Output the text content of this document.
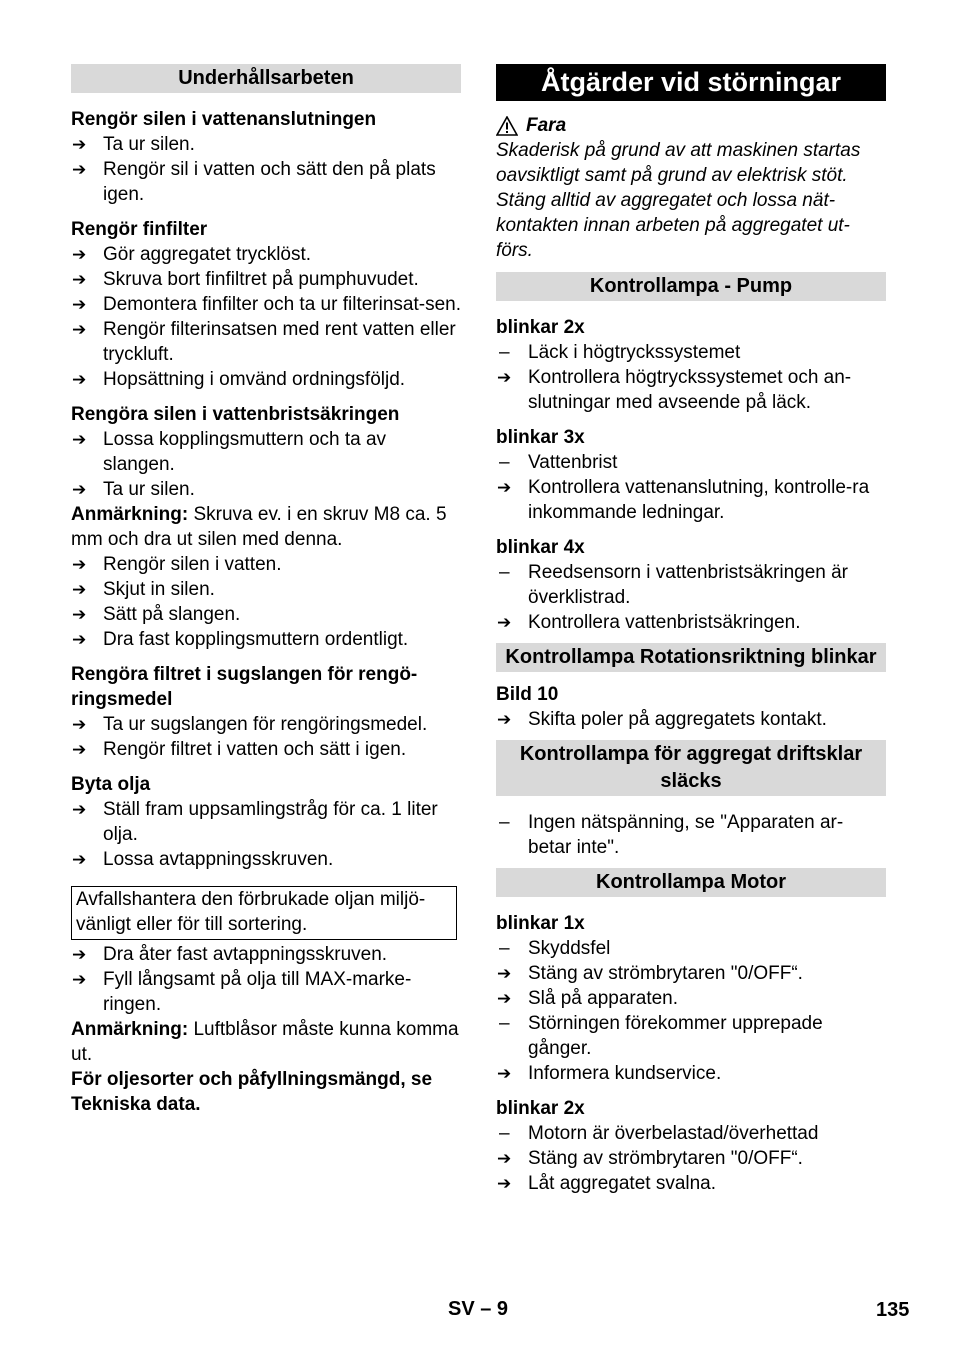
Underhållsarbeten
Rengör silen i vattenanslutningen
➔ Ta ur silen.
➔ Rengör sil i vatten och sätt den på plats igen.
Rengör finfilter
➔ Gör aggregatet trycklöst.
➔ Skruva bort finfiltret på pumphuvudet.
➔ Demontera finfilter och ta ur filterinsat-sen.
➔ Rengör filterinsatsen med rent vatten eller tryckluft.
➔ Hopsättning i omvänd ordningsföljd.
Rengöra silen i vattenbristsäkringen
➔ Lossa kopplingsmuttern och ta av slangen.
➔ Ta ur silen.

Anmärkning: Skruva ev. i en skruv M8 ca. 5 mm och dra ut silen med denna.

➔ Rengör silen i vatten.
➔ Skjut in silen.
➔ Sätt på slangen.
➔ Dra fast kopplingsmuttern ordentligt.
Rengöra filtret i sugslangen för rengö-ringsmedel
➔ Ta ur sugslangen för rengöringsmedel.
➔ Rengör filtret i vatten och sätt i igen.
Byta olja
➔ Ställ fram uppsamlingstråg för ca. 1 liter olja.
➔ Lossa avtappningsskruven.
Avfallshantera den förbrukade oljan miljö-vänligt eller för till sortering.
➔ Dra åter fast avtappningsskruven.
➔ Fyll långsamt på olja till MAX-marke-ringen.

Anmärkning: Luftblåsor måste kunna komma ut.

För oljesorter och påfyllningsmängd, se Tekniska data.

Åtgärder vid störningar
Fara

Skaderisk på grund av att maskinen startas oavsiktligt samt på grund av elektrisk stöt. Stäng alltid av aggregatet och lossa nät-kontakten innan arbeten på aggregatet ut-förs.

Kontrollampa - Pump
blinkar 2x
– Läck i högtryckssystemet
➔ Kontrollera högtryckssystemet och an-slutningar med avseende på läck.
blinkar 3x
– Vattenbrist
➔ Kontrollera vattenanslutning, kontrolle-ra inkommande ledningar.
blinkar 4x
– Reedsensorn i vattenbristsäkringen är överklistrad.
➔ Kontrollera vattenbristsäkringen.
Kontrollampa Rotationsriktning blinkar
Bild 10
➔ Skifta poler på aggregatets kontakt.
Kontrollampa för aggregat driftsklar släcks
– Ingen nätspänning, se "Apparaten ar-betar inte".
Kontrollampa Motor
blinkar 1x
– Skyddsfel
➔ Stäng av strömbrytaren "0/OFF“.
➔ Slå på apparaten.
– Störningen förekommer upprepade gånger.
➔ Informera kundservice.
blinkar 2x
– Motorn är överbelastad/överhettad
➔ Stäng av strömbrytaren "0/OFF“.
➔ Låt aggregatet svalna.
SV – 9	135
